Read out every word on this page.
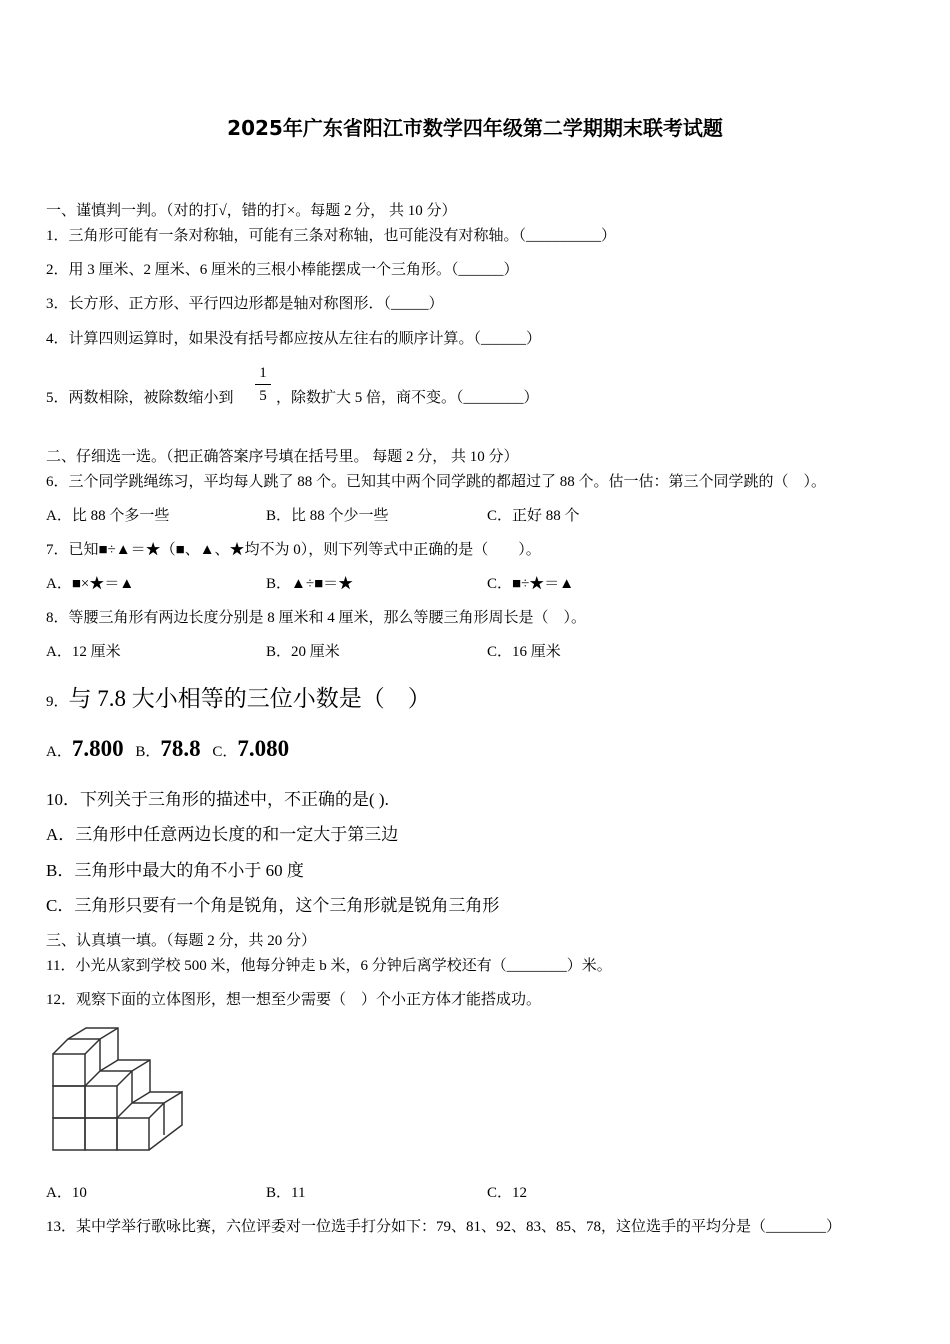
2025年广东省阳江市数学四年级第二学期期末联考试题
一、谨慎判一判。（对的打√，错的打×。每题 2 分， 共 10 分）
1．三角形可能有一条对称轴，可能有三条对称轴，也可能没有对称轴。（__________）
2．用 3 厘米、2 厘米、6 厘米的三根小棒能摆成一个三角形。（______）
3．长方形、正方形、平行四边形都是轴对称图形．（_____）
4．计算四则运算时，如果没有括号都应按从左往右的顺序计算。（______）
5．两数相除，被除数缩小到
1
5 ，除数扩大 5 倍，商不变。（________）
二、仔细选一选。（把正确答案序号填在括号里。 每题 2 分， 共 10 分）
6．三个同学跳绳练习，平均每人跳了 88 个。已知其中两个同学跳的都超过了 88 个。估一估：第三个同学跳的（　）。
A．比 88 个多一些	B．比 88 个少一些	C．正好 88 个
7．已知■÷▲＝★（■、▲、★均不为 0），则下列等式中正确的是（　　）。
A．■×★＝▲	B．▲÷■＝★	C．■÷★＝▲
8．等腰三角形有两边长度分别是 8 厘米和 4 厘米，那么等腰三角形周长是（　）。
A．12 厘米	B．20 厘米	C．16 厘米
9．与 7.8 大小相等的三位小数是（　）
A．7.800 B．78.8 C．7.080
10．下列关于三角形的描述中，不正确的是( ).
A．三角形中任意两边长度的和一定大于第三边
B．三角形中最大的角不小于 60 度
C．三角形只要有一个角是锐角，这个三角形就是锐角三角形
三、认真填一填。（每题 2 分，共 20 分）
11．小光从家到学校 500 米，他每分钟走 b 米，6 分钟后离学校还有（________）米。
12．观察下面的立体图形，想一想至少需要（　）个小正方体才能搭成功。
A．10	B．11	C．12
13．某中学举行歌咏比赛，六位评委对一位选手打分如下：79、81、92、83、85、78，这位选手的平均分是（________）
